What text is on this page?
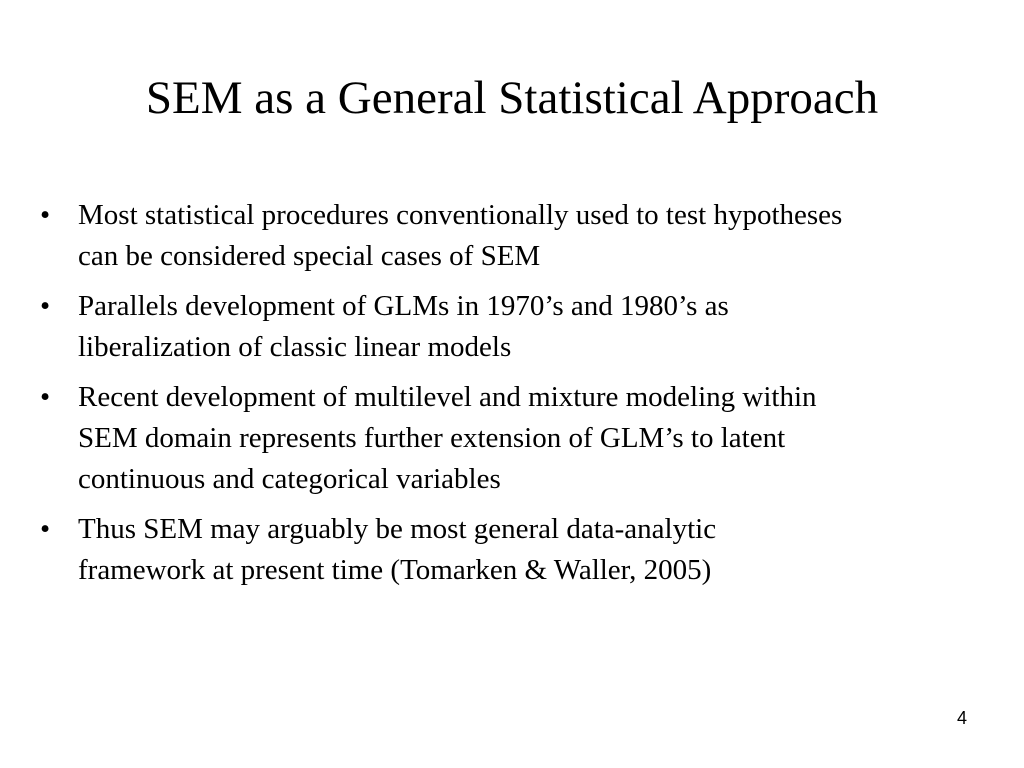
SEM as a General Statistical Approach
• Most statistical procedures conventionally used to test hypotheses
can be considered special cases of SEM
• Parallels development of GLMs in 1970’s and 1980’s as
liberalization of classic linear models
• Recent development of multilevel and mixture modeling within
SEM domain represents further extension of GLM’s to latent
continuous and categorical variables
• Thus SEM may arguably be most general data-analytic
framework at present time (Tomarken & Waller, 2005)
4
